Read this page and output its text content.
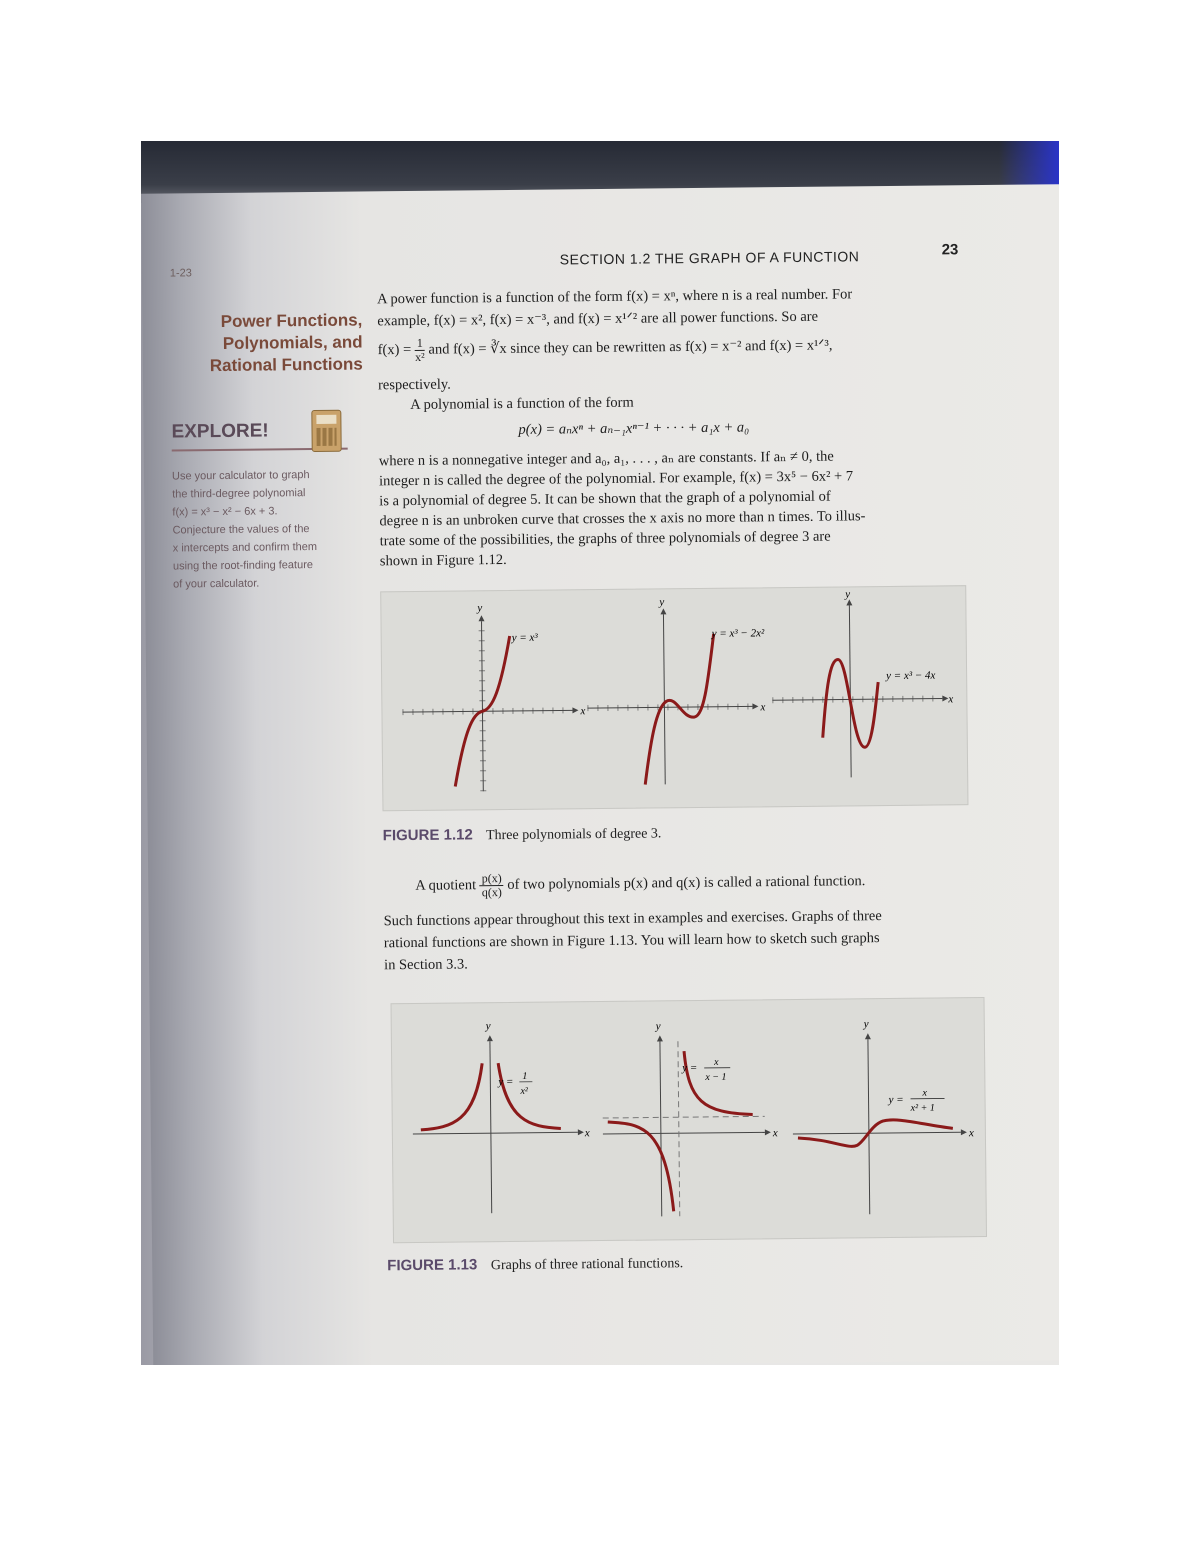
1-23
SECTION 1.2 THE GRAPH OF A FUNCTION	23
Power Functions,
Polynomials, and
Rational Functions
EXPLORE!
Use your calculator to graph
the third-degree polynomial
f(x) = x³ − x² − 6x + 3.
Conjecture the values of the
x intercepts and confirm them
using the root-finding feature
of your calculator.
A power function is a function of the form f(x) = xⁿ, where n is a real number. For
example, f(x) = x², f(x) = x⁻³, and f(x) = x¹ᐟ² are all power functions. So are
$f(x) = \frac{1}{\text{x²}}$ and f(x) = ∛x since they can be rewritten as f(x) = x⁻² and f(x) = x¹ᐟ³,
respectively.
A polynomial is a function of the form
p(x) = aₙxⁿ + aₙ₋₁xⁿ⁻¹ + · · · + a₁x + a₀
where n is a nonnegative integer and a₀, a₁, . . . , aₙ are constants. If aₙ ≠ 0, the
integer n is called the degree of the polynomial. For example, f(x) = 3x⁵ − 6x² + 7
is a polynomial of degree 5. It can be shown that the graph of a polynomial of
degree n is an unbroken curve that crosses the x axis no more than n times. To illus-
trate some of the possibilities, the graphs of three polynomials of degree 3 are
shown in Figure 1.12.
y
x
y = x³
y
x
y = x³ − 2x²
y
x
y = x³ − 4x
FIGURE 1.12 Three polynomials of degree 3.
A quotient $\frac{p(x)}{q(x)}$ of two polynomials p(x) and q(x) is called a rational function.
Such functions appear throughout this text in examples and exercises. Graphs of three
rational functions are shown in Figure 1.13. You will learn how to sketch such graphs
in Section 3.3.
y
x
y = 1
x²
y
x
y = x
x − 1
y
x
y =
x
x² + 1
FIGURE 1.13 Graphs of three rational functions.
